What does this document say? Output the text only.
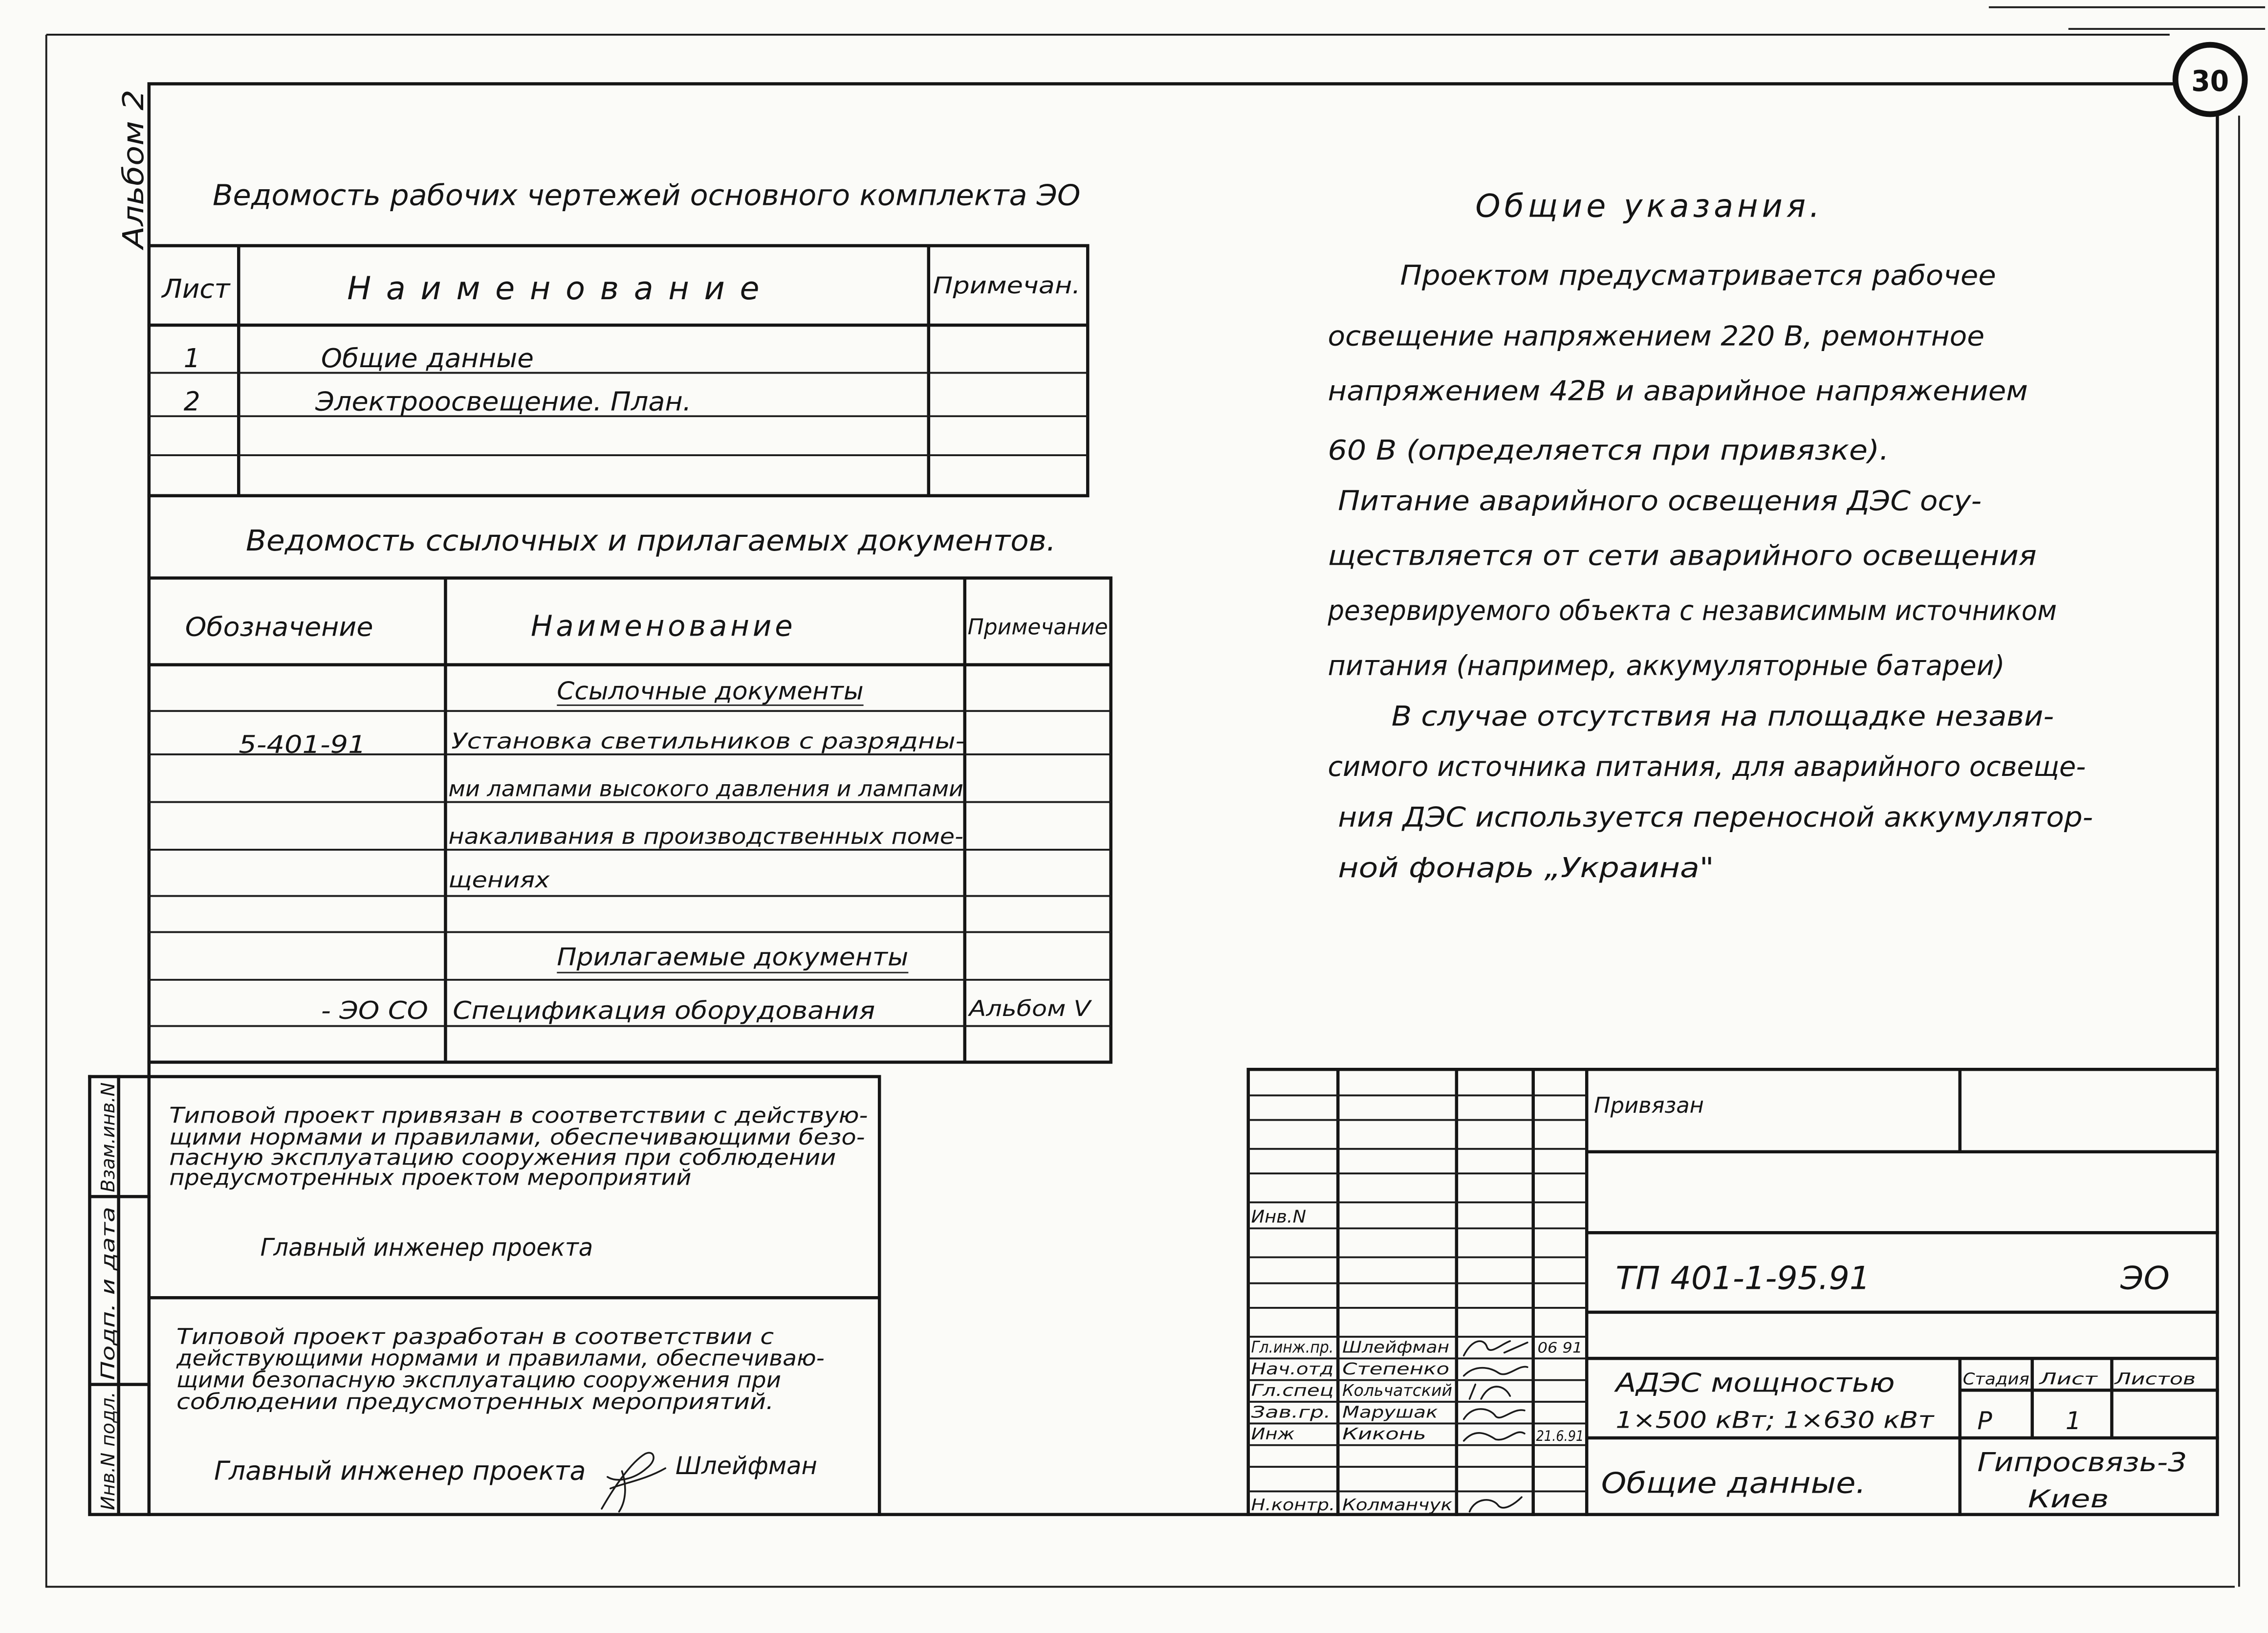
Альбом 2
30
Ведомость рабочих чертежей основного комплекта ЭО
Лист	Наименование	Примечан.
1	Общие данные
2	Электроосвещение. План.
Ведомость ссылочных и прилагаемых документов.
Обозначение	Наименование	Примечание
Ссылочные документы
5-401-91	Установка светильников с разрядны-
ми лампами высокого давления и лампами
накаливания в производственных поме-
щениях
Прилагаемые документы
- ЭО СО	Спецификация оборудования	Альбом V
Общие указания.
Проектом предусматривается рабочее
освещение напряжением 220 В, ремонтное
напряжением 42В и аварийное напряжением
60 В (определяется при привязке).
Питание аварийного освещения ДЭС осу-
ществляется от сети аварийного освещения
резервируемого объекта с независимым источником
питания (например, аккумуляторные батареи)
В случае отсутствия на площадке незави-
симого источника питания, для аварийного освеще-
ния ДЭС используется переносной аккумулятор-
ной фонарь „Украина"
Типовой проект привязан в соответствии с действую-
щими нормами и правилами, обеспечивающими безо-
пасную эксплуатацию сооружения при соблюдении
предусмотренных проектом мероприятий
Главный инженер проекта
Типовой проект разработан в соответствии с
действующими нормами и правилами, обеспечиваю-
щими безопасную эксплуатацию сооружения при
соблюдении предусмотренных мероприятий.
Главный инженер проекта	Шлейфман
Взам.инв.N
Подп. и дата
Инв.N подл.
Инв.N
Гл.инж.пр. Шлейфман	06 91
Нач.отд Степенко
Гл.спец Кольчатский
Зав.гр. Марушак
Инж	Киконь	21.6.91
Н.контр. Колманчук
Привязан
ТП 401-1-95.91	ЭО
АДЭС мощностью
1×500 кВт; 1×630 кВт
Стадия Лист	Листов
Р	1
Общие данные.
Гипросвязь-3
Киев
